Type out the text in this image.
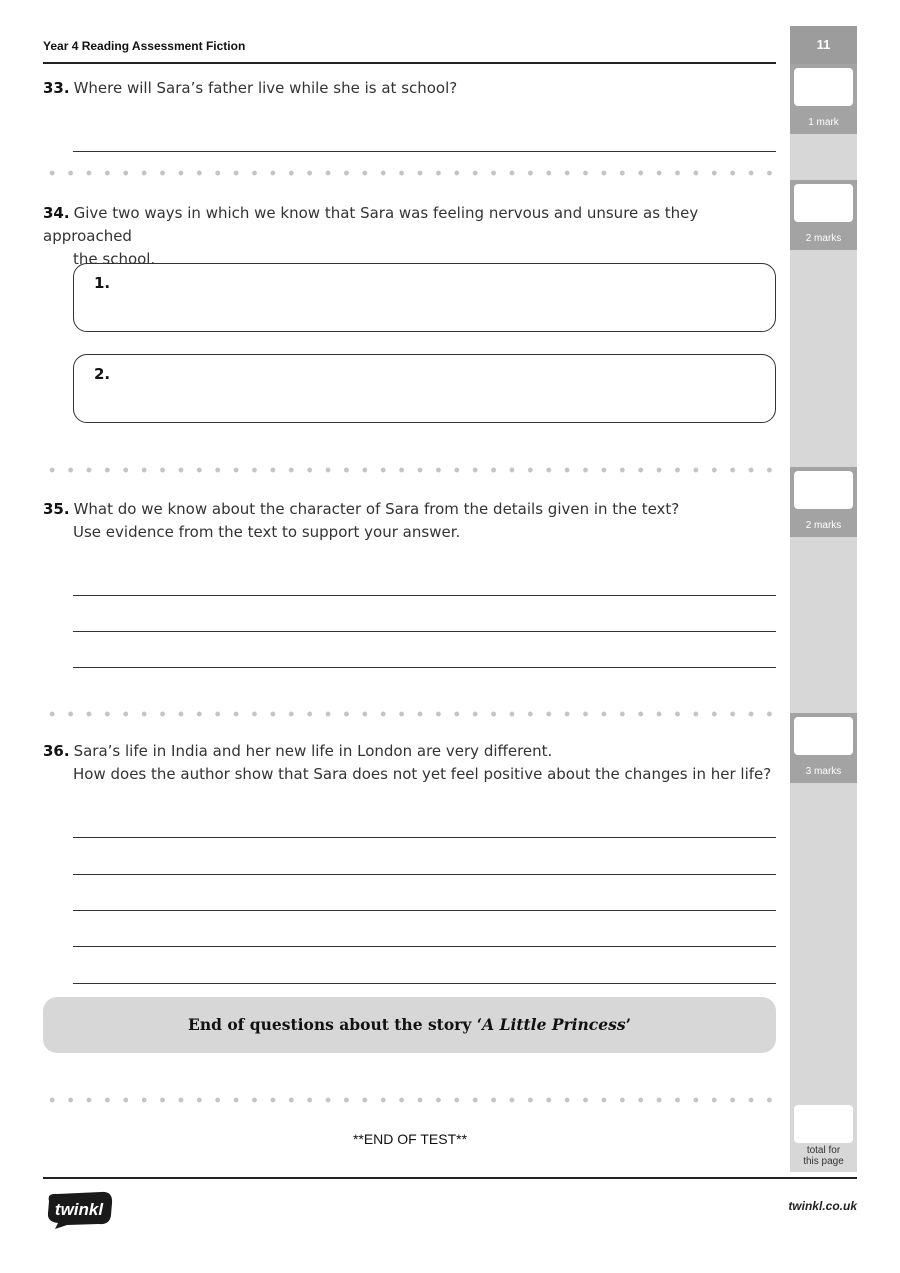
11
1 mark
2 marks
2 marks
3 marks
total for
this page
Year 4 Reading Assessment Fiction
33. Where will Sara’s father live while she is at school?
34. Give two ways in which we know that Sara was feeling nervous and unsure as they approached
the school.
1.
2.
35. What do we know about the character of Sara from the details given in the text?
Use evidence from the text to support your answer.
36. Sara’s life in India and her new life in London are very different.
How does the author show that Sara does not yet feel positive about the changes in her life?
End of questions about the story ‘A Little Princess’
**END OF TEST**
twinkl	twinkl.co.uk
